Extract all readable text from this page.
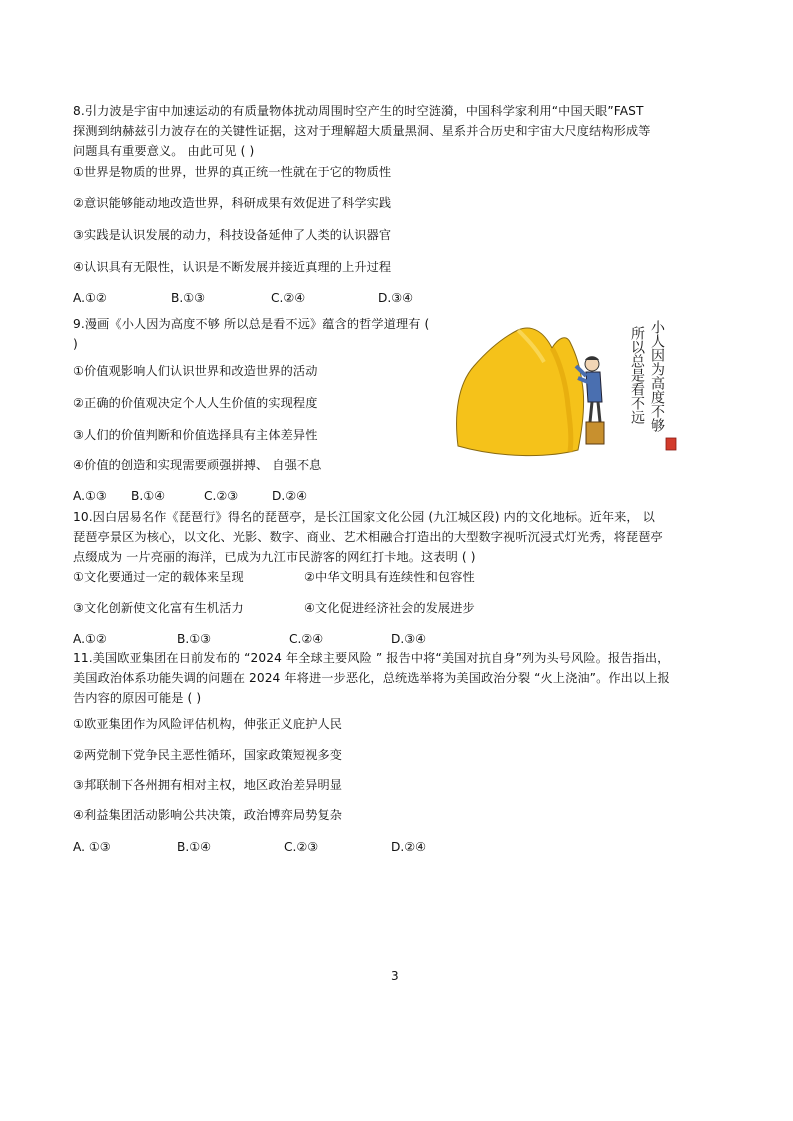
8.引力波是宇宙中加速运动的有质量物体扰动周围时空产生的时空涟漪，中国科学家利用“中国天眼”FAST
探测到纳赫兹引力波存在的关键性证据，这对于理解超大质量黑洞、星系并合历史和宇宙大尺度结构形成等
问题具有重要意义。 由此可见 ( )
①世界是物质的世界，世界的真正统一性就在于它的物质性
②意识能够能动地改造世界，科研成果有效促进了科学实践
③实践是认识发展的动力，科技设备延伸了人类的认识器官
④认识具有无限性，认识是不断发展并接近真理的上升过程
A.①②	B.①③	C.②④	D.③④
9.漫画《小人因为高度不够 所以总是看不远》蕴含的哲学道理有 (
)
①价值观影响人们认识世界和改造世界的活动
②正确的价值观决定个人人生价值的实现程度
③人们的价值判断和价值选择具有主体差异性
④价值的创造和实现需要顽强拼搏、 自强不息
A.①③ B.①④	C.②③	D.②④
小人因为高度不够
所以总是看不远
10.因白居易名作《琵琶行》得名的琵琶亭，是长江国家文化公园 (九江城区段) 内的文化地标。近年来， 以
琵琶亭景区为核心，以文化、光影、数字、商业、艺术相融合打造出的大型数字视听沉浸式灯光秀，将琵琶亭
点缀成为 一片亮丽的海洋，已成为九江市民游客的网红打卡地。这表明 ( )
①文化要通过一定的载体来呈现	②中华文明具有连续性和包容性
③文化创新使文化富有生机活力	④文化促进经济社会的发展进步
A.①②	B.①③	C.②④	D.③④
11.美国欧亚集团在日前发布的 “2024 年全球主要风险 ” 报告中将“美国对抗自身”列为头号风险。报告指出，
美国政治体系功能失调的问题在 2024 年将进一步恶化，总统选举将为美国政治分裂 “火上浇油”。作出以上报
告内容的原因可能是 ( )
①欧亚集团作为风险评估机构，伸张正义庇护人民
②两党制下党争民主恶性循环，国家政策短视多变
③邦联制下各州拥有相对主权，地区政治差异明显
④利益集团活动影响公共决策，政治博弈局势复杂
A. ①③	B.①④	C.②③	D.②④
3
